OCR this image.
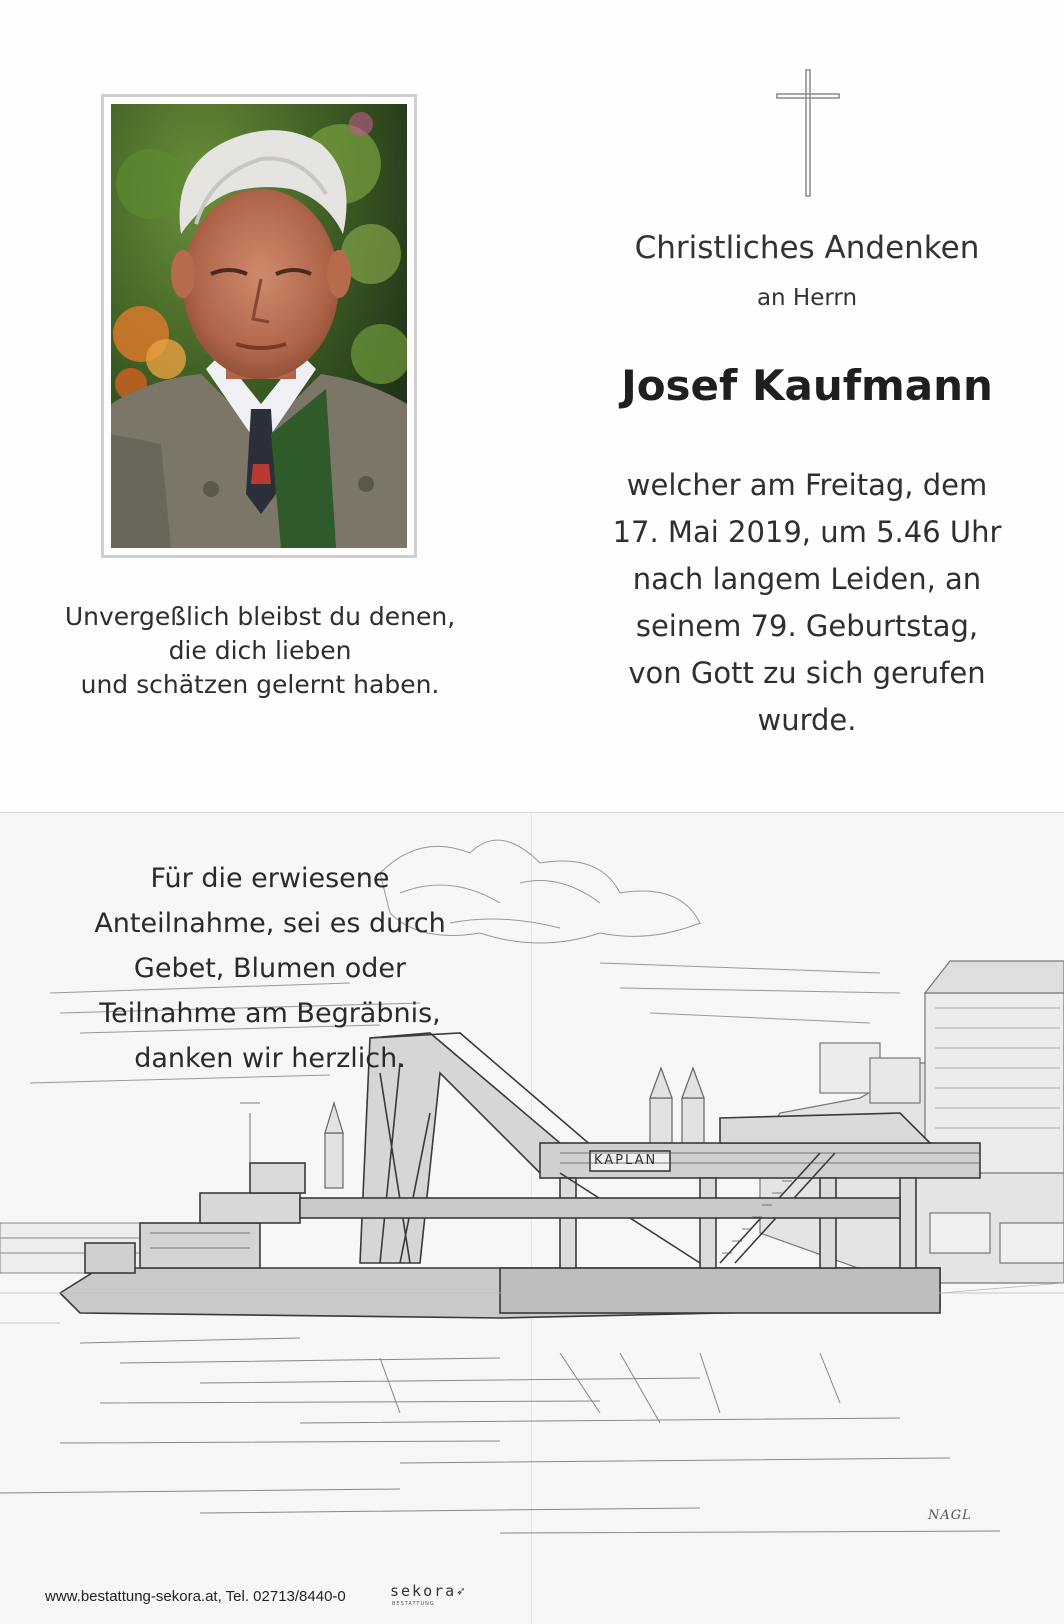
Christliches Andenken
an Herrn
Josef Kaufmann

welcher am Freitag, dem

17. Mai 2019, um 5.46 Uhr

nach langem Leiden, an

seinem 79. Geburtstag,

von Gott zu sich gerufen

wurde.

Unvergeßlich bleibst du denen,

die dich lieben

und schätzen gelernt haben.

KAPLAN

Für die erwiesene

Anteilnahme, sei es durch

Gebet, Blumen oder

Teilnahme am Begräbnis,

danken wir herzlich.

NAGL
www.bestattung-sekora.at, Tel. 02713/8440-0	sekora➶
BESTATTUNG
